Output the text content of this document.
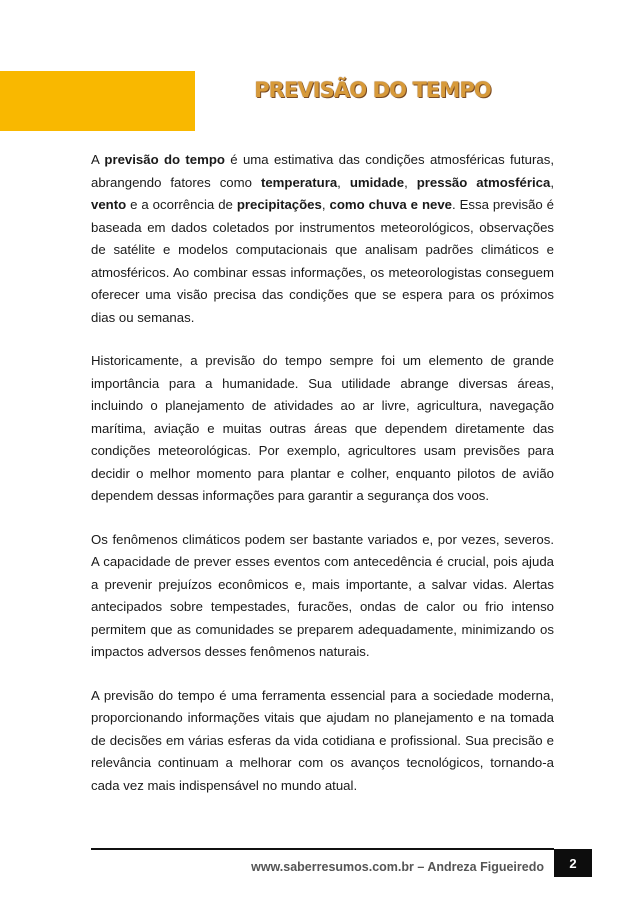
PREVISÃO DO TEMPO

A previsão do tempo é uma estimativa das condições atmosféricas futuras, abrangendo fatores como temperatura, umidade, pressão atmosférica, vento e a ocorrência de precipitações, como chuva e neve. Essa previsão é baseada em dados coletados por instrumentos meteorológicos, observações de satélite e modelos computacionais que analisam padrões climáticos e atmosféricos. Ao combinar essas informações, os meteorologistas conseguem oferecer uma visão precisa das condições que se espera para os próximos dias ou semanas.

Historicamente, a previsão do tempo sempre foi um elemento de grande importância para a humanidade. Sua utilidade abrange diversas áreas, incluindo o planejamento de atividades ao ar livre, agricultura, navegação marítima, aviação e muitas outras áreas que dependem diretamente das condições meteorológicas. Por exemplo, agricultores usam previsões para decidir o melhor momento para plantar e colher, enquanto pilotos de avião dependem dessas informações para garantir a segurança dos voos.

Os fenômenos climáticos podem ser bastante variados e, por vezes, severos. A capacidade de prever esses eventos com antecedência é crucial, pois ajuda a prevenir prejuízos econômicos e, mais importante, a salvar vidas. Alertas antecipados sobre tempestades, furacões, ondas de calor ou frio intenso permitem que as comunidades se preparem adequadamente, minimizando os impactos adversos desses fenômenos naturais.

A previsão do tempo é uma ferramenta essencial para a sociedade moderna, proporcionando informações vitais que ajudam no planejamento e na tomada de decisões em várias esferas da vida cotidiana e profissional. Sua precisão e relevância continuam a melhorar com os avanços tecnológicos, tornando-a cada vez mais indispensável no mundo atual.

www.saberresumos.com.br – Andreza Figueiredo	2
